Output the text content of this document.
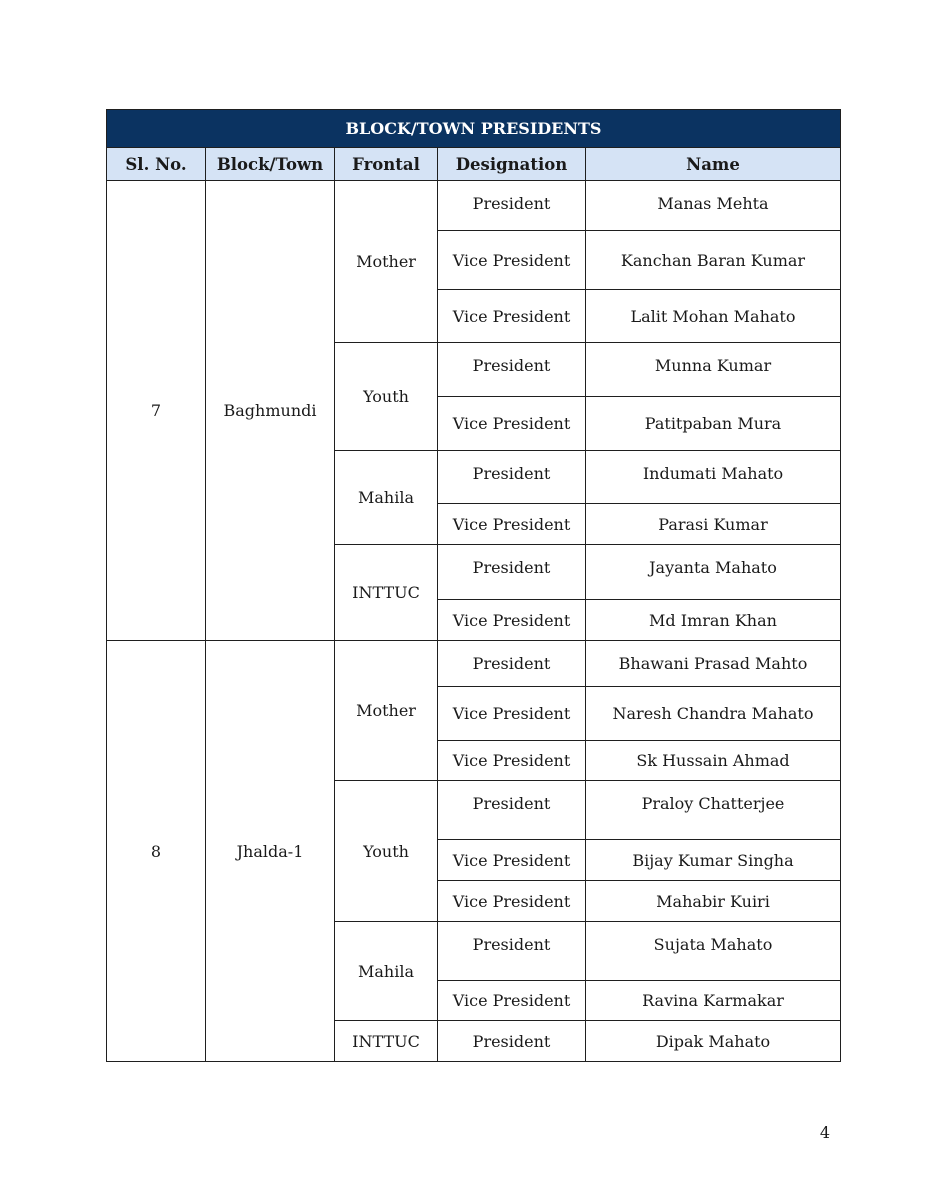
BLOCK/TOWN PRESIDENTS				
Sl. No.	Block/Town	Frontal	Designation	Name
7	Baghmundi	Mother	President	Manas Mehta
			Vice President	Kanchan Baran Kumar
			Vice President	Lalit Mohan Mahato
		Youth	President	Munna Kumar
			Vice President	Patitpaban Mura
		Mahila	President	Indumati Mahato
			Vice President	Parasi Kumar
		INTTUC	President	Jayanta Mahato
			Vice President	Md Imran Khan
8	Jhalda-1	Mother	President	Bhawani Prasad Mahto
			Vice President	Naresh Chandra Mahato
			Vice President	Sk Hussain Ahmad
		Youth	President	Praloy Chatterjee
			Vice President	Bijay Kumar Singha
			Vice President	Mahabir Kuiri
		Mahila	President	Sujata Mahato
			Vice President	Ravina Karmakar
		INTTUC	President	Dipak Mahato
4
